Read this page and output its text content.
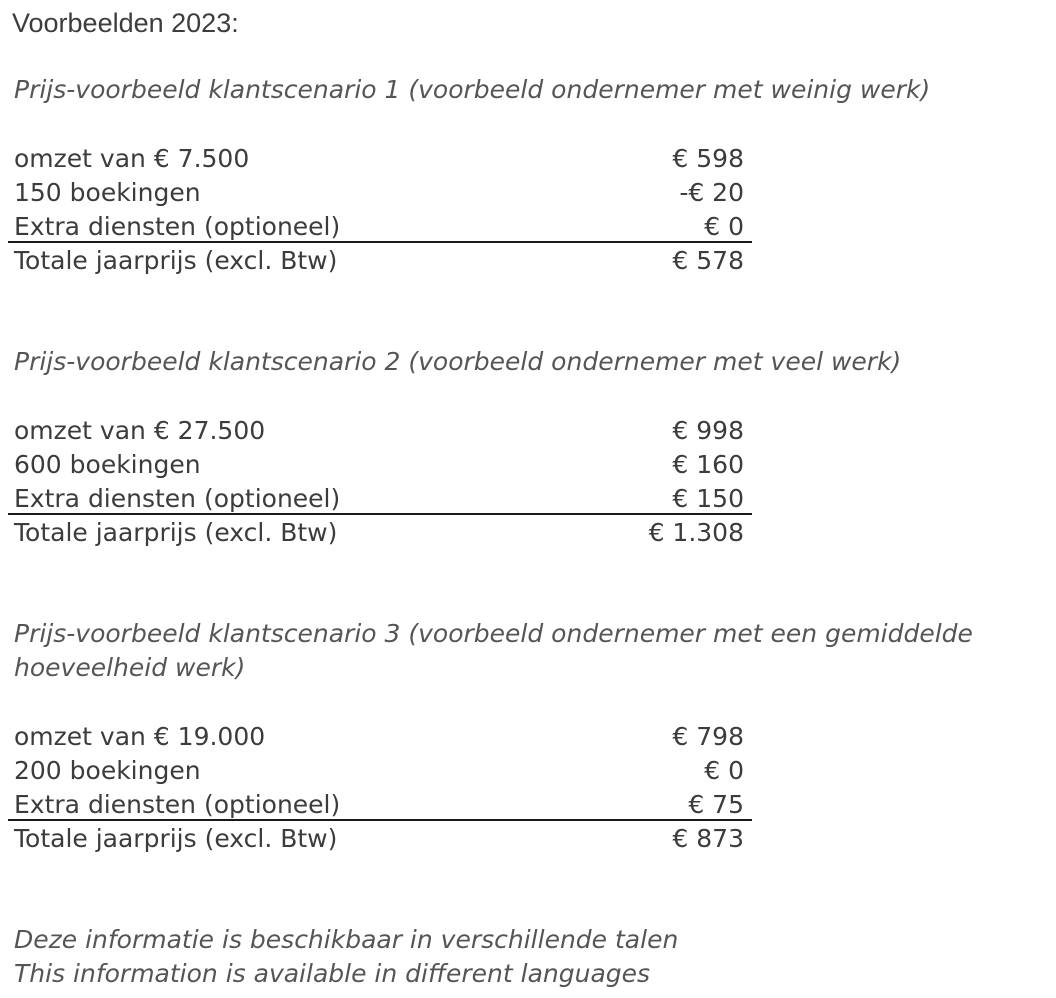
Voorbeelden 2023:
Prijs-voorbeeld klantscenario 1 (voorbeeld ondernemer met weinig werk)
omzet van € 7.500	€ 598
150 boekingen	-€ 20
Extra diensten (optioneel)	€ 0
Totale jaarprijs (excl. Btw)	€ 578
Prijs-voorbeeld klantscenario 2 (voorbeeld ondernemer met veel werk)
omzet van € 27.500	€ 998
600 boekingen	€ 160
Extra diensten (optioneel)	€ 150
Totale jaarprijs (excl. Btw)	€ 1.308
Prijs-voorbeeld klantscenario 3 (voorbeeld ondernemer met een gemiddelde
hoeveelheid werk)
omzet van € 19.000	€ 798
200 boekingen	€ 0
Extra diensten (optioneel)	€ 75
Totale jaarprijs (excl. Btw)	€ 873
Deze informatie is beschikbaar in verschillende talen
This information is available in different languages
